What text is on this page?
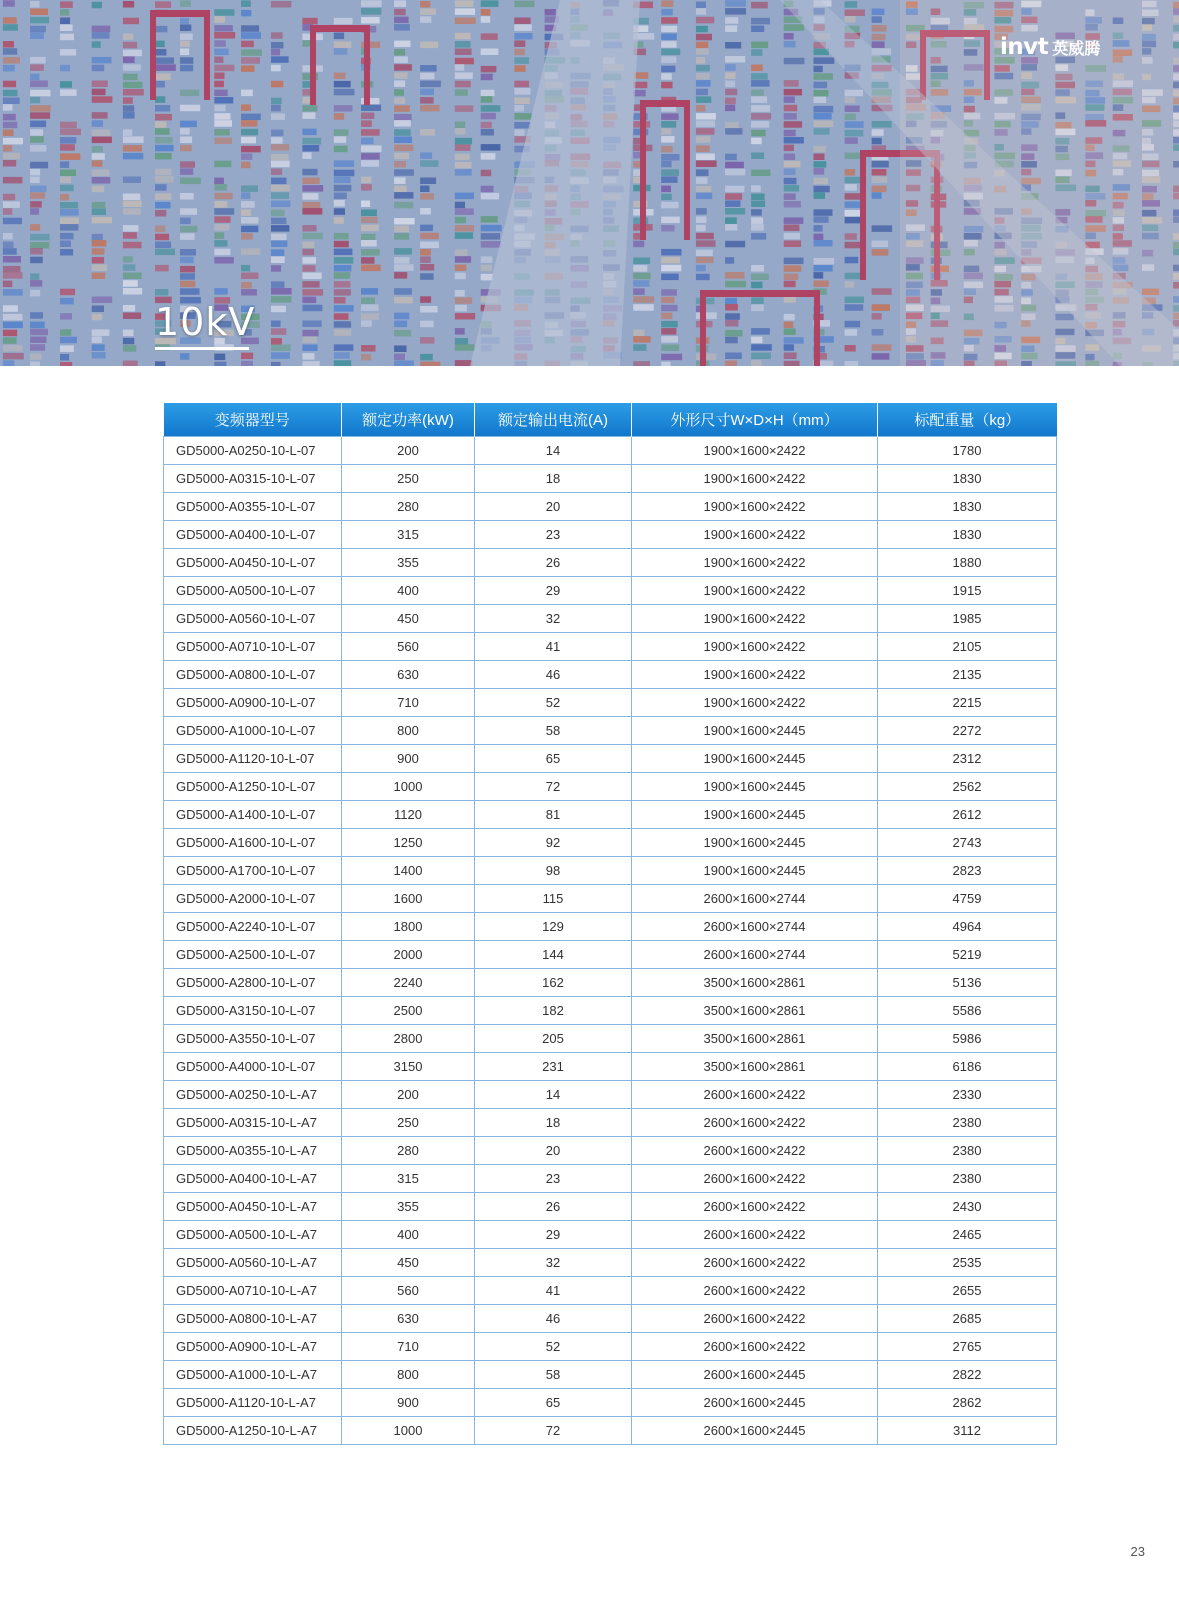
invt 英威腾
10kV
变频器型号	额定功率(kW)	额定输出电流(A)	外形尺寸W×D×H（mm）	标配重量（kg）
GD5000-A0250-10-L-07	200	14	1900×1600×2422	1780
GD5000-A0315-10-L-07	250	18	1900×1600×2422	1830
GD5000-A0355-10-L-07	280	20	1900×1600×2422	1830
GD5000-A0400-10-L-07	315	23	1900×1600×2422	1830
GD5000-A0450-10-L-07	355	26	1900×1600×2422	1880
GD5000-A0500-10-L-07	400	29	1900×1600×2422	1915
GD5000-A0560-10-L-07	450	32	1900×1600×2422	1985
GD5000-A0710-10-L-07	560	41	1900×1600×2422	2105
GD5000-A0800-10-L-07	630	46	1900×1600×2422	2135
GD5000-A0900-10-L-07	710	52	1900×1600×2422	2215
GD5000-A1000-10-L-07	800	58	1900×1600×2445	2272
GD5000-A1120-10-L-07	900	65	1900×1600×2445	2312
GD5000-A1250-10-L-07	1000	72	1900×1600×2445	2562
GD5000-A1400-10-L-07	1120	81	1900×1600×2445	2612
GD5000-A1600-10-L-07	1250	92	1900×1600×2445	2743
GD5000-A1700-10-L-07	1400	98	1900×1600×2445	2823
GD5000-A2000-10-L-07	1600	115	2600×1600×2744	4759
GD5000-A2240-10-L-07	1800	129	2600×1600×2744	4964
GD5000-A2500-10-L-07	2000	144	2600×1600×2744	5219
GD5000-A2800-10-L-07	2240	162	3500×1600×2861	5136
GD5000-A3150-10-L-07	2500	182	3500×1600×2861	5586
GD5000-A3550-10-L-07	2800	205	3500×1600×2861	5986
GD5000-A4000-10-L-07	3150	231	3500×1600×2861	6186
GD5000-A0250-10-L-A7	200	14	2600×1600×2422	2330
GD5000-A0315-10-L-A7	250	18	2600×1600×2422	2380
GD5000-A0355-10-L-A7	280	20	2600×1600×2422	2380
GD5000-A0400-10-L-A7	315	23	2600×1600×2422	2380
GD5000-A0450-10-L-A7	355	26	2600×1600×2422	2430
GD5000-A0500-10-L-A7	400	29	2600×1600×2422	2465
GD5000-A0560-10-L-A7	450	32	2600×1600×2422	2535
GD5000-A0710-10-L-A7	560	41	2600×1600×2422	2655
GD5000-A0800-10-L-A7	630	46	2600×1600×2422	2685
GD5000-A0900-10-L-A7	710	52	2600×1600×2422	2765
GD5000-A1000-10-L-A7	800	58	2600×1600×2445	2822
GD5000-A1120-10-L-A7	900	65	2600×1600×2445	2862
GD5000-A1250-10-L-A7	1000	72	2600×1600×2445	3112
23
